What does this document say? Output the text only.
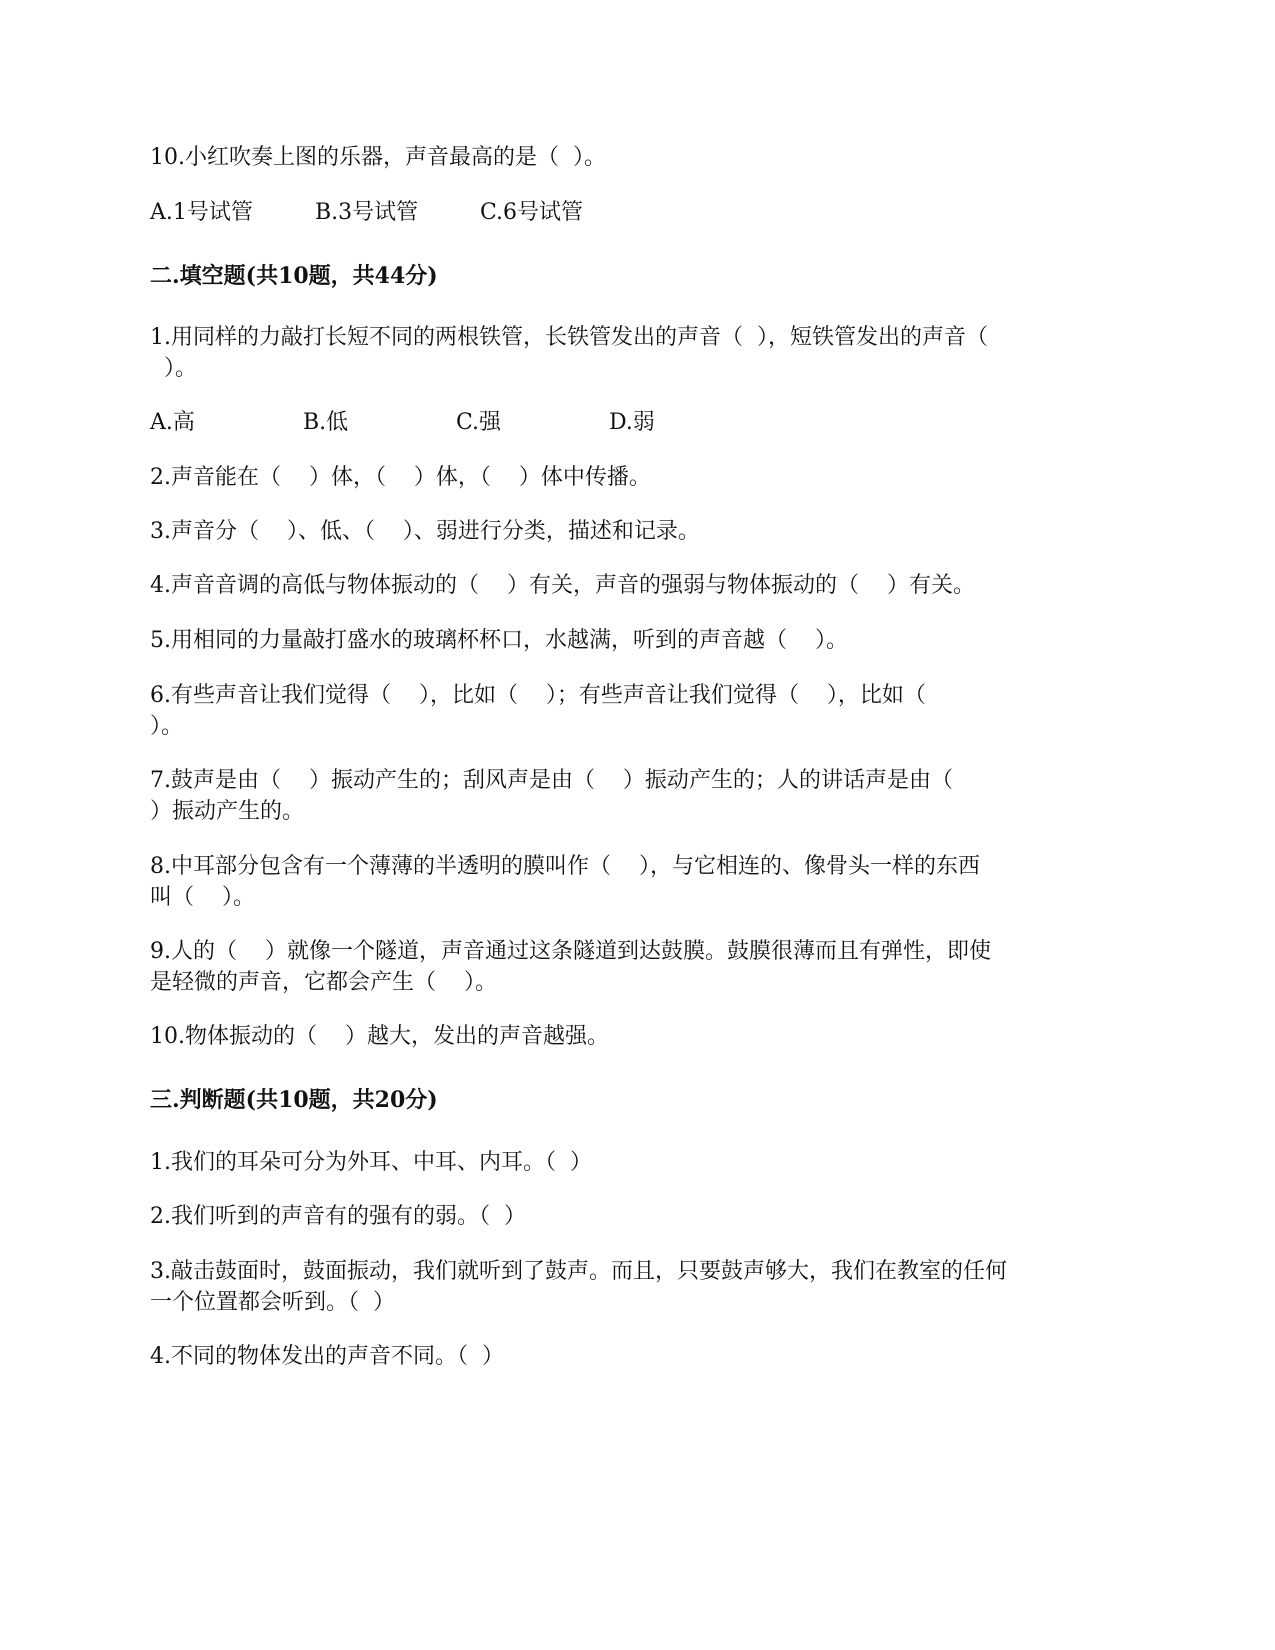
10.小红吹奏上图的乐器，声音最高的是（  ）。
A.1号试管	B.3号试管	C.6号试管
二.填空题(共10题，共44分)
1.用同样的力敲打长短不同的两根铁管，长铁管发出的声音（  ），短铁管发出的声音（
）。
A.高	B.低	C.强	D.弱
2.声音能在（    ）体，（    ）体，（    ）体中传播。
3.声音分（    ）、低、（    ）、弱进行分类，描述和记录。
4.声音音调的高低与物体振动的（    ）有关，声音的强弱与物体振动的（    ）有关。
5.用相同的力量敲打盛水的玻璃杯杯口，水越满，听到的声音越（    ）。
6.有些声音让我们觉得（    ），比如（    ）；有些声音让我们觉得（    ），比如（
）。
7.鼓声是由（    ）振动产生的；刮风声是由（    ）振动产生的；人的讲话声是由（
）振动产生的。
8.中耳部分包含有一个薄薄的半透明的膜叫作（    ），与它相连的、像骨头一样的东西
叫（    ）。
9.人的（    ）就像一个隧道，声音通过这条隧道到达鼓膜。鼓膜很薄而且有弹性，即使
是轻微的声音，它都会产生（    ）。
10.物体振动的（    ）越大，发出的声音越强。
三.判断题(共10题，共20分)
1.我们的耳朵可分为外耳、中耳、内耳。（  ）
2.我们听到的声音有的强有的弱。（  ）
3.敲击鼓面时，鼓面振动，我们就听到了鼓声。而且，只要鼓声够大，我们在教室的任何
一个位置都会听到。（  ）
4.不同的物体发出的声音不同。（  ）
